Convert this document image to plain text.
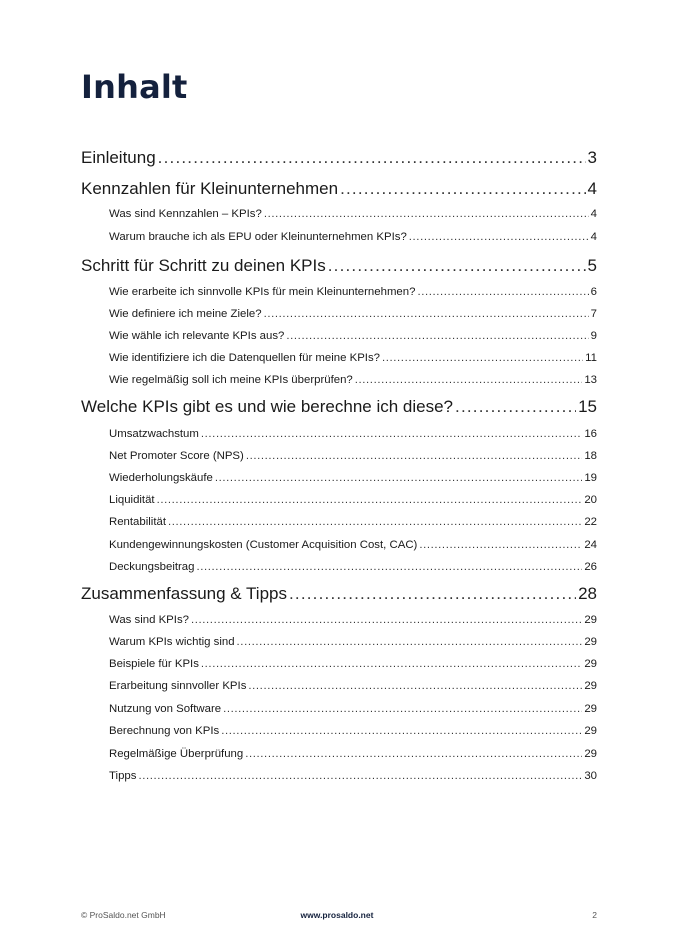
Inhalt
Einleitung .....	3
Kennzahlen für Kleinunternehmen .....	4
Was sind Kennzahlen – KPIs? .....	4
Warum brauche ich als EPU oder Kleinunternehmen KPIs? .....	4
Schritt für Schritt zu deinen KPIs .....	5
Wie erarbeite ich sinnvolle KPIs für mein Kleinunternehmen? .....	6
Wie definiere ich meine Ziele? .....	7
Wie wähle ich relevante KPIs aus? .....	9
Wie identifiziere ich die Datenquellen für meine KPIs? .....	11
Wie regelmäßig soll ich meine KPIs überprüfen? .....	13
Welche KPIs gibt es und wie berechne ich diese? .....	15
Umsatzwachstum .....	16
Net Promoter Score (NPS) .....	18
Wiederholungskäufe .....	19
Liquidität .....	20
Rentabilität .....	22
Kundengewinnungskosten (Customer Acquisition Cost, CAC) .....	24
Deckungsbeitrag .....	26
Zusammenfassung & Tipps .....	28
Was sind KPIs? .....	29
Warum KPIs wichtig sind .....	29
Beispiele für KPIs .....	29
Erarbeitung sinnvoller KPIs .....	29
Nutzung von Software .....	29
Berechnung von KPIs .....	29
Regelmäßige Überprüfung .....	29
Tipps .....	30
© ProSaldo.net GmbH	www.prosaldo.net	2
